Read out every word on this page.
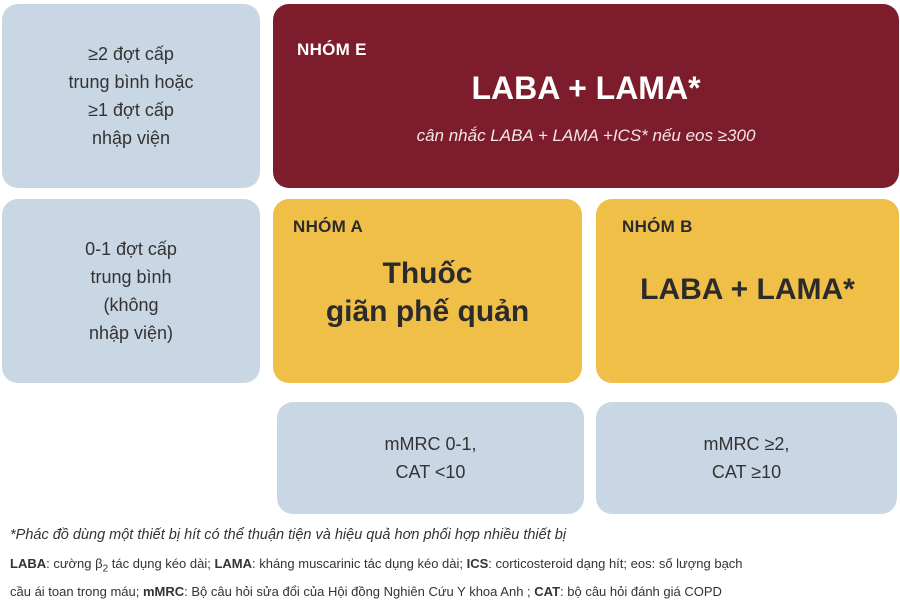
≥2 đợt cấp
trung bình hoặc
≥1 đợt cấp
nhập viện
NHÓM E
LABA + LAMA*
cân nhắc LABA + LAMA +ICS* nếu eos ≥300
0-1 đợt cấp
trung bình
(không
nhập viện)
NHÓM A
Thuốc
giãn phế quản
NHÓM B
LABA + LAMA*
mMRC 0-1,
CAT <10
mMRC ≥2,
CAT ≥10
*Phác đồ dùng một thiết bị hít có thể thuận tiện và hiệu quả hơn phối hợp nhiều thiết bị
LABA: cường $\beta_2$ tác dụng kéo dài; LAMA: kháng muscarinic tác dụng kéo dài; ICS: corticosteroid dạng hít; eos: số lượng bạch
cầu ái toan trong máu; mMRC: Bộ câu hỏi sửa đổi của Hội đồng Nghiên Cứu Y khoa Anh ; CAT: bộ câu hỏi đánh giá COPD
